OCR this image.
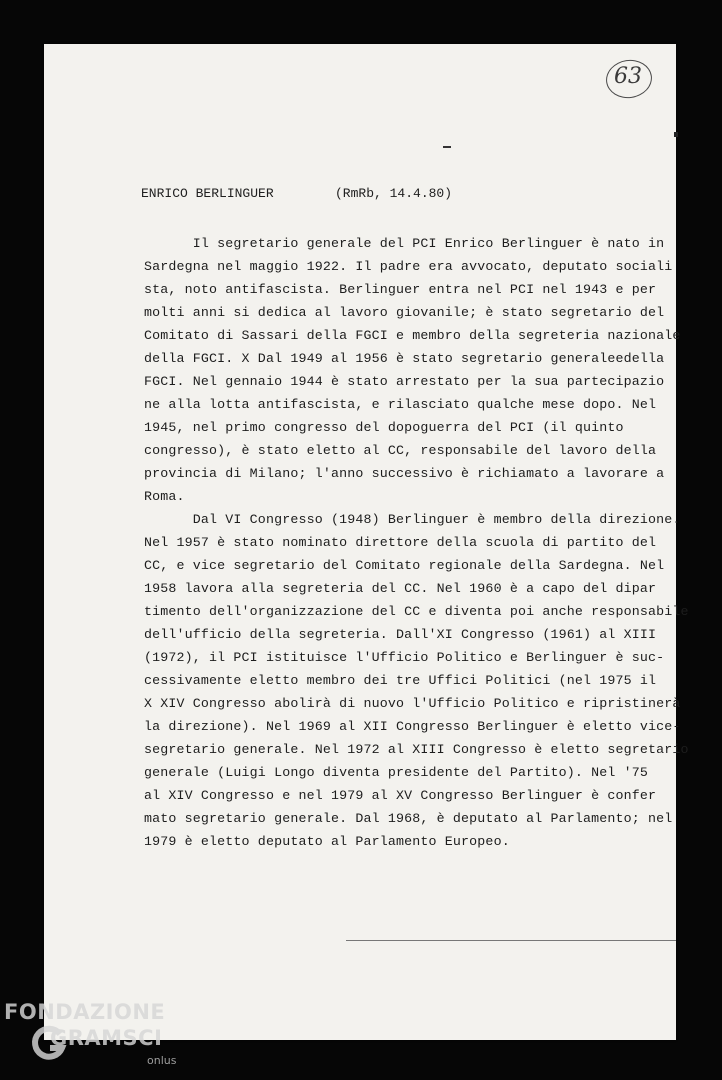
63
ENRICO BERLINGUER	(RmRb, 14.4.80)
Il segretario generale del PCI Enrico Berlinguer è nato in
Sardegna nel maggio 1922. Il padre era avvocato, deputato sociali
sta, noto antifascista. Berlinguer entra nel PCI nel 1943 e per
molti anni si dedica al lavoro giovanile; è stato segretario del
Comitato di Sassari della FGCI e membro della segreteria nazionale
della FGCI. X Dal 1949 al 1956 è stato segretario generaleedella
FGCI. Nel gennaio 1944 è stato arrestato per la sua partecipazio
ne alla lotta antifascista, e rilasciato qualche mese dopo. Nel
1945, nel primo congresso del dopoguerra del PCI (il quinto
congresso), è stato eletto al CC, responsabile del lavoro della
provincia di Milano; l'anno successivo è richiamato a lavorare a
Roma.
Dal VI Congresso (1948) Berlinguer è membro della direzione.
Nel 1957 è stato nominato direttore della scuola di partito del
CC, e vice segretario del Comitato regionale della Sardegna. Nel
1958 lavora alla segreteria del CC. Nel 1960 è a capo del dipar
timento dell'organizzazione del CC e diventa poi anche responsabile
dell'ufficio della segreteria. Dall'XI Congresso (1961) al XIII
(1972), il PCI istituisce l'Ufficio Politico e Berlinguer è suc-
cessivamente eletto membro dei tre Uffici Politici (nel 1975 il
X XIV Congresso abolirà di nuovo l'Ufficio Politico e ripristinerà
la direzione). Nel 1969 al XII Congresso Berlinguer è eletto vice-
segretario generale. Nel 1972 al XIII Congresso è eletto segretario
generale (Luigi Longo diventa presidente del Partito). Nel '75
al XIV Congresso e nel 1979 al XV Congresso Berlinguer è confer
mato segretario generale. Dal 1968, è deputato al Parlamento; nel
1979 è eletto deputato al Parlamento Europeo.
FONDAZIONE
GRAMSCI
onlus
